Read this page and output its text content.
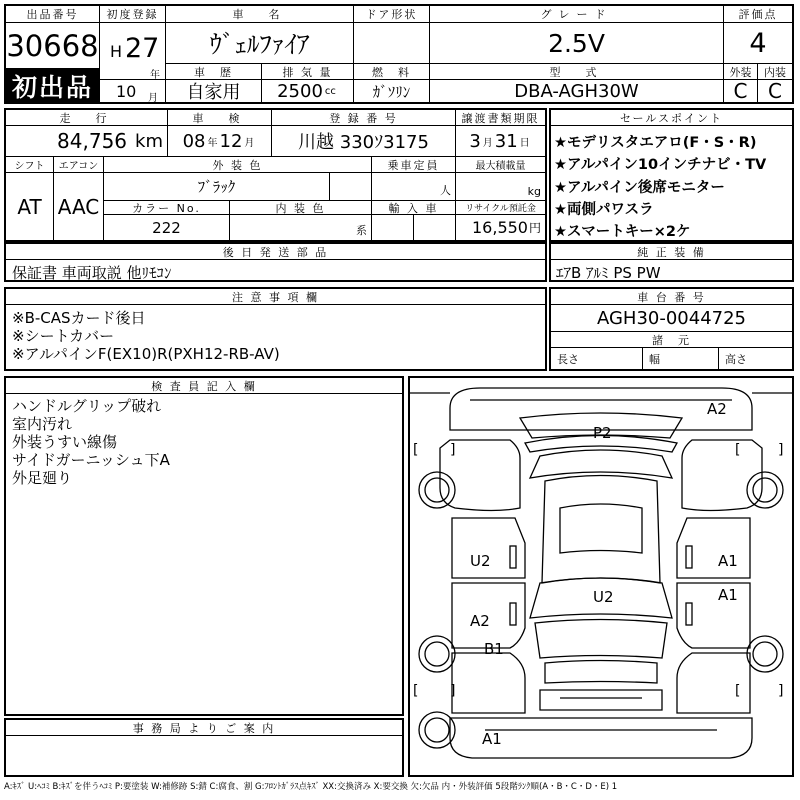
出品番号
30668
初出品
初度登録
H 27
年
10 月
車　名
ｳﾞｪﾙﾌｧｲｱ
ドア形状	グレード
2.5V
評価点
4
車　歴
自家用
排 気 量
2500 cc
燃　料
ｶﾞｿﾘﾝ
型　式
DBA-AGH30W
外装	内装
C	C
走　行
84,756 km
車　検
08 年 12 月
登 録 番 号
川越 330ｿ3175
譲渡書類期限
3 月 31 日
シフト
AT
エアコン
AAC
外 装 色
ﾌﾞﾗｯｸ
乗車定員
人
最大積載量
kg
カラー No.
222
内 装 色
系
輸 入 車	リサイクル預託金
16,550 円
セールスポイント
★モデリスタエアロ(F・S・R)
★アルパイン10インチナビ・TV
★アルパイン後席モニター
★両側パワスラ
★スマートキー×2ケ
後 日 発 送 部 品
保証書 車両取説 他ﾘﾓｺﾝ
純 正 装 備
ｴｱB ｱﾙﾐ PS PW
注 意 事 項 欄
※B-CASカード後日
※シートカバー
※アルパインF(EX10)R(PXH12-RB-AV)
車 台 番 号
AGH30-0044725
諸　元
長さ	幅	高さ
検 査 員 記 入 欄
ハンドルグリップ破れ
室内汚れ
外装うすい線傷
サイドガーニッシュ下A
外足廻り
事 務 局 よ り ご 案 内
[ ]	[	]
[ ]	[	]
A2
P2
U2	A1
A1
U2
A2
B1
A1
A:ｷｽﾞ U:ﾍｺﾐ B:ｷｽﾞを伴うﾍｺﾐ P:要塗装 W:補修跡 S:錆 C:腐食、割 G:ﾌﾛﾝﾄｶﾞﾗｽ点ｷｽﾞ XX:交換済み X:要交換 欠:欠品 内・外装評価 5段階ﾗﾝｸ順(A・B・C・D・E) 1
